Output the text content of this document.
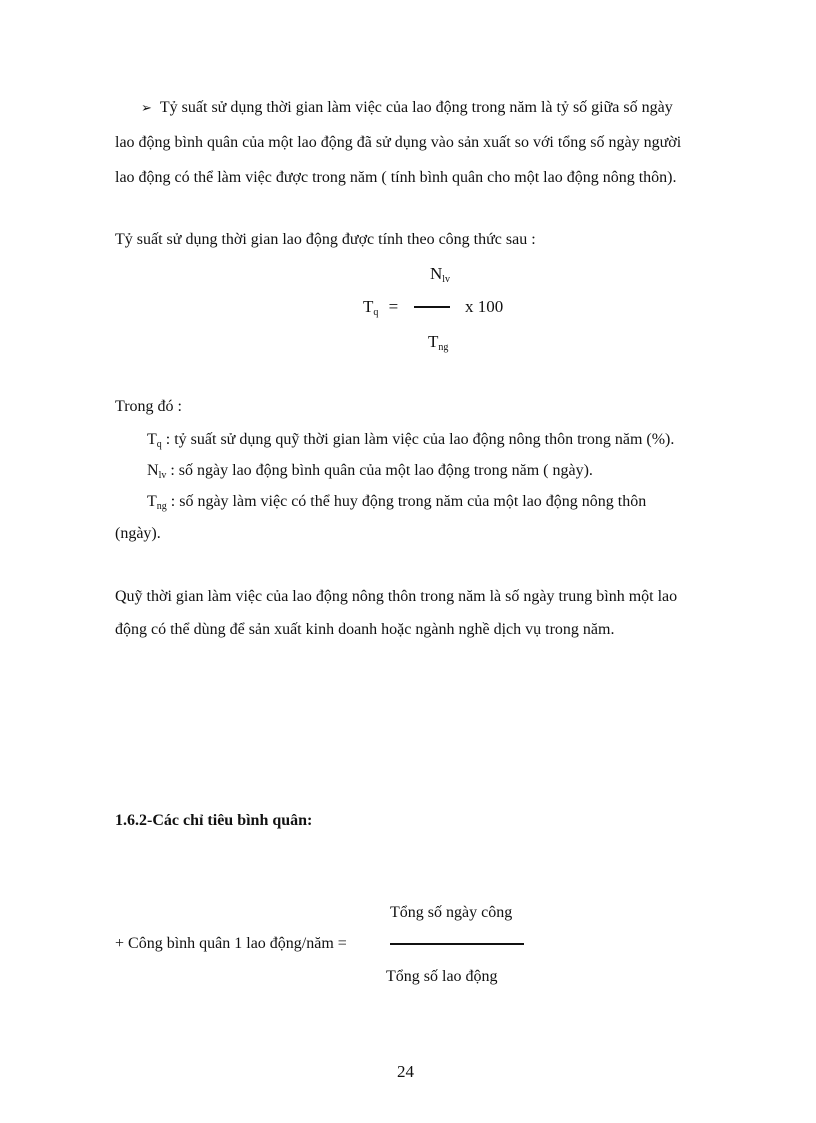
➢ Tỷ suất sử dụng thời gian làm việc của lao động trong năm là tỷ số giữa số ngày
lao động bình quân của một lao động đã sử dụng vào sản xuất so với tổng số ngày người
lao động có thể làm việc được trong năm ( tính bình quân cho một lao động nông thôn).
Tỷ suất sử dụng thời gian lao động được tính theo công thức sau :
$N_{lv}$
$T_q$ =	x 100
$T_{ng}$
Trong đó :
$T_q$ : tỷ suất sử dụng quỹ thời gian làm việc của lao động nông thôn trong năm (%).
$N_{lv}$ : số ngày lao động bình quân của một lao động trong năm ( ngày).
$T_{ng}$ : số ngày làm việc có thể huy động trong năm của một lao động nông thôn
(ngày).
Quỹ thời gian làm việc của lao động nông thôn trong năm là số ngày trung bình một lao
động có thể dùng để sản xuất kinh doanh hoặc ngành nghề dịch vụ trong năm.
1.6.2-Các chỉ tiêu bình quân:
Tổng số ngày công
+ Công bình quân 1 lao động/năm =
Tổng số lao động
24
